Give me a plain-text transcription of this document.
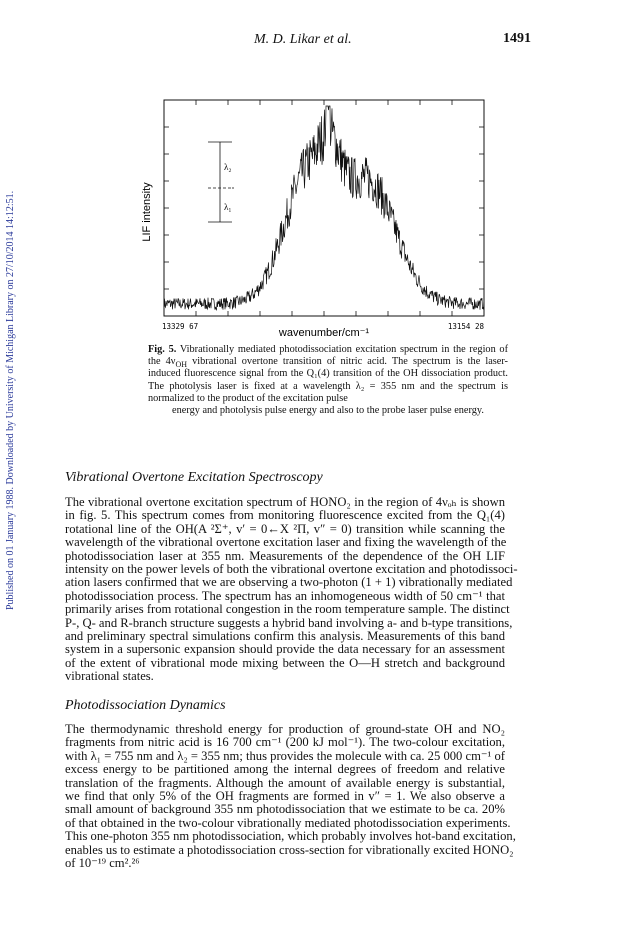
Published on 01 January 1988. Downloaded by University of Michigan Library on 27/10/2014 14:12:51.
M. D. Likar et al.	1491
λ₂
λ₁
LIF intensity
13329 67	13154 28
wavenumber/cm⁻¹
Fig. 5. Vibrationally mediated photodissociation excitation spectrum in the region of the $4\nu_{OH}$ vibrational overtone transition of nitric acid. The spectrum is the laser-induced fluorescence signal from the Q₁(4) transition of the OH dissociation product. The photolysis laser is fixed at a wavelength λ₂ = 355 nm and the spectrum is normalized to the product of the excitation pulse
energy and photolysis pulse energy and also to the probe laser pulse energy.
Vibrational Overtone Excitation Spectroscopy
The vibrational overtone excitation spectrum of HONO₂ in the region of 4νₒₕ is shown
in fig. 5. This spectrum comes from monitoring fluorescence excited from the Q₁(4)
rotational line of the OH(A ²Σ⁺, v′ = 0←X ²Π, v″ = 0) transition while scanning the
wavelength of the vibrational overtone excitation laser and fixing the wavelength of the
photodissociation laser at 355 nm. Measurements of the dependence of the OH LIF
intensity on the power levels of both the vibrational overtone excitation and photodissoci-
ation lasers confirmed that we are observing a two-photon (1 + 1) vibrationally mediated
photodissociation process. The spectrum has an inhomogeneous width of 50 cm⁻¹ that
primarily arises from rotational congestion in the room temperature sample. The distinct
P-, Q- and R-branch structure suggests a hybrid band involving a- and b-type transitions,
and preliminary spectral simulations confirm this analysis. Measurements of this band
system in a supersonic expansion should provide the data necessary for an assessment
of the extent of vibrational mode mixing between the O—H stretch and background
vibrational states.
Photodissociation Dynamics
The thermodynamic threshold energy for production of ground-state OH and NO₂
fragments from nitric acid is 16 700 cm⁻¹ (200 kJ mol⁻¹). The two-colour excitation,
with λ₁ = 755 nm and λ₂ = 355 nm; thus provides the molecule with ca. 25 000 cm⁻¹ of
excess energy to be partitioned among the internal degrees of freedom and relative
translation of the fragments. Although the amount of available energy is substantial,
we find that only 5% of the OH fragments are formed in v″ = 1. We also observe a
small amount of background 355 nm photodissociation that we estimate to be ca. 20%
of that obtained in the two-colour vibrationally mediated photodissociation experiments.
This one-photon 355 nm photodissociation, which probably involves hot-band excitation,
enables us to estimate a photodissociation cross-section for vibrationally excited HONO₂
of 10⁻¹⁹ cm².²⁶
